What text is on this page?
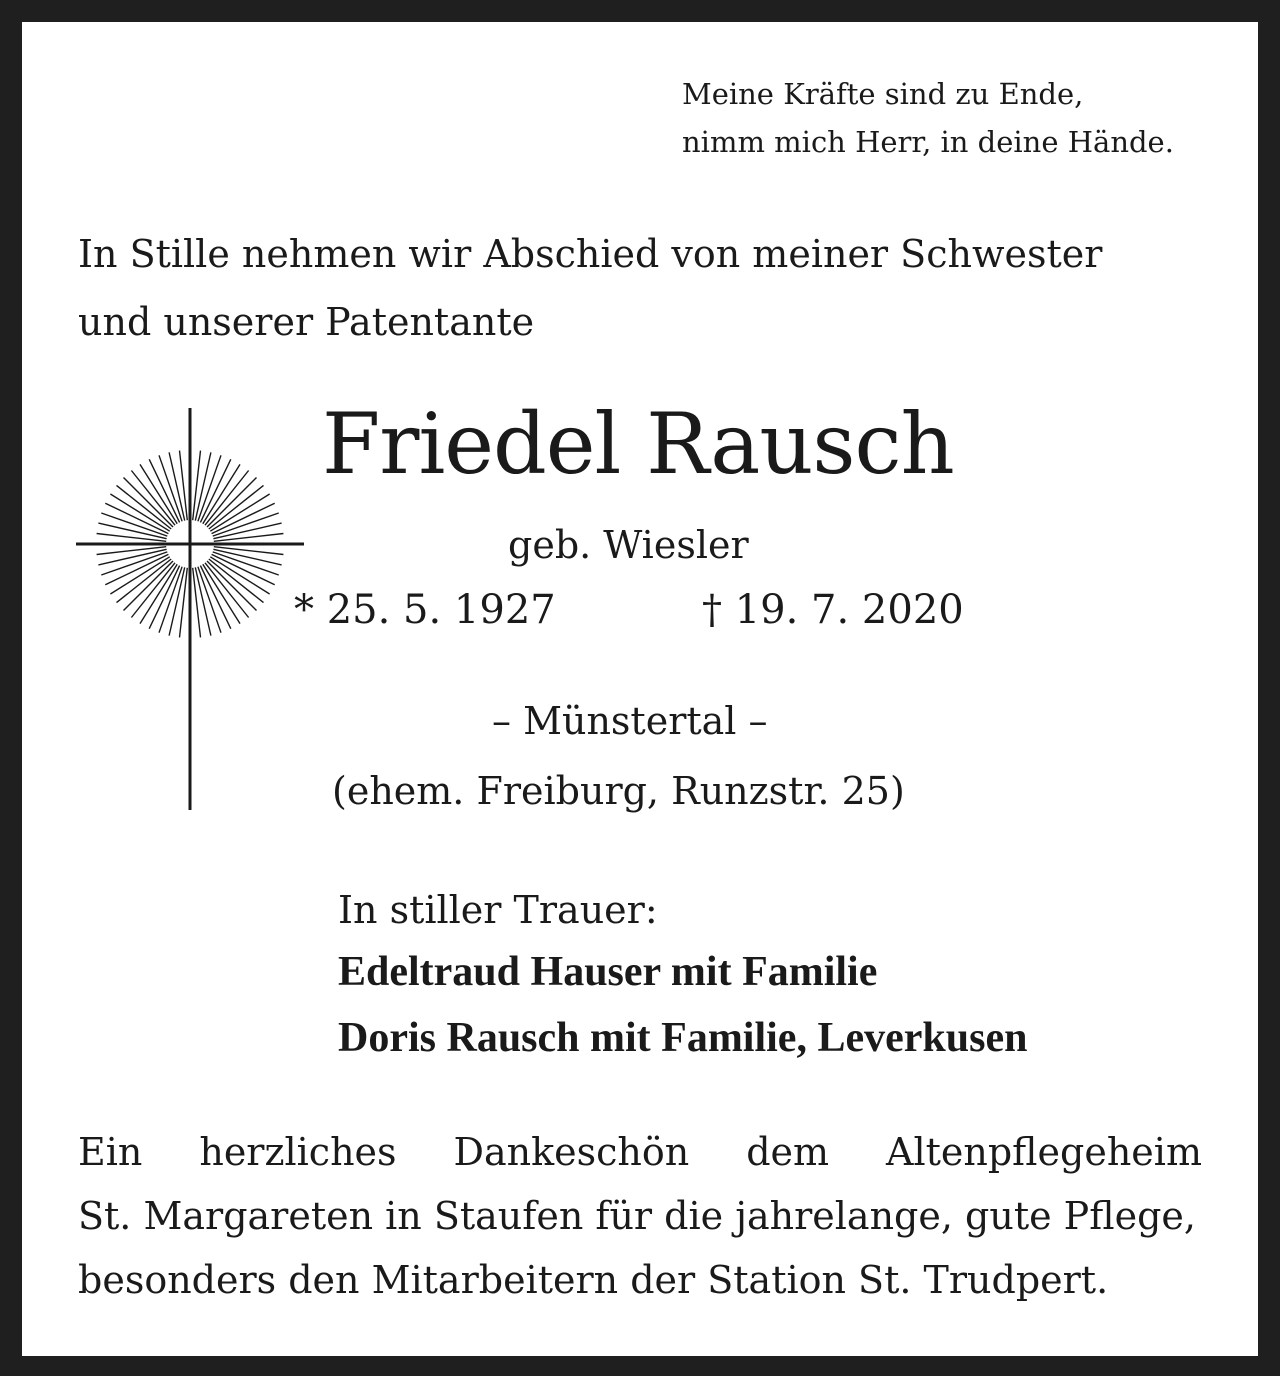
Meine Kräfte sind zu Ende,
nimm mich Herr, in deine Hände.
In Stille nehmen wir Abschied von meiner Schwester
und unserer Patentante
Friedel Rausch
geb. Wiesler
* 25. 5. 1927	† 19. 7. 2020
– Münstertal –
(ehem. Freiburg, Runzstr. 25)
In stiller Trauer:
Edeltraud Hauser mit Familie
Doris Rausch mit Familie, Leverkusen
Ein herzliches Dankeschön dem Altenpflegeheim
St. Margareten in Staufen für die jahrelange, gute Pflege,
besonders den Mitarbeitern der Station St. Trudpert.
